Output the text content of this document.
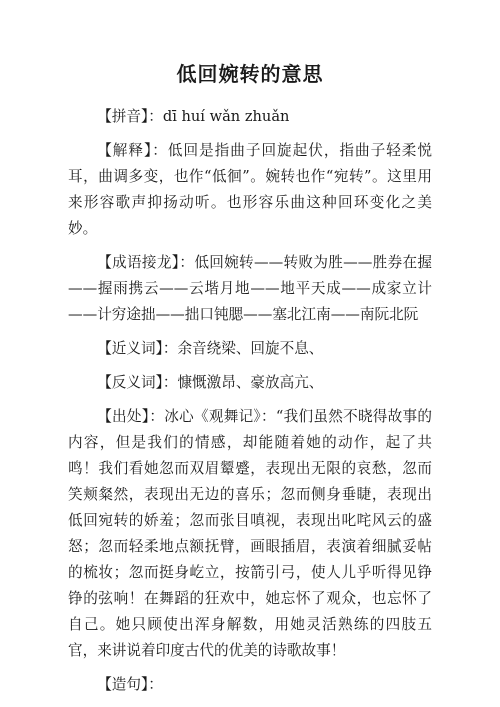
低回婉转的意思

【拼音】：dī huí wǎn zhuǎn

【解释】：低回是指曲子回旋起伏，指曲子轻柔悦耳，曲调多变，也作“低徊”。婉转也作“宛转”。这里用来形容歌声抑扬动听。也形容乐曲这种回环变化之美妙。

【成语接龙】：低回婉转——转败为胜——胜券在握——握雨携云——云堦月地——地平天成——成家立计——计穷途拙——拙口钝腮——塞北江南——南阮北阮

【近义词】：余音绕梁、回旋不息、

【反义词】：慷慨激昂、豪放高亢、

【出处】：冰心《观舞记》：“我们虽然不晓得故事的内容，但是我们的情感，却能随着她的动作，起了共鸣！我们看她忽而双眉颦蹙，表现出无限的哀愁，忽而笑颊粲然，表现出无边的喜乐；忽而侧身垂睫，表现出低回宛转的娇羞；忽而张目嗔视，表现出叱咤风云的盛怒；忽而轻柔地点额抚臂，画眼插眉，表演着细腻妥帖的梳妆；忽而挺身屹立，按箭引弓，使人儿乎听得见铮铮的弦响！在舞蹈的狂欢中，她忘怀了观众，也忘怀了自己。她只顾使出浑身解数，用她灵活熟练的四肢五官，来讲说着印度古代的优美的诗歌故事！

【造句】：
